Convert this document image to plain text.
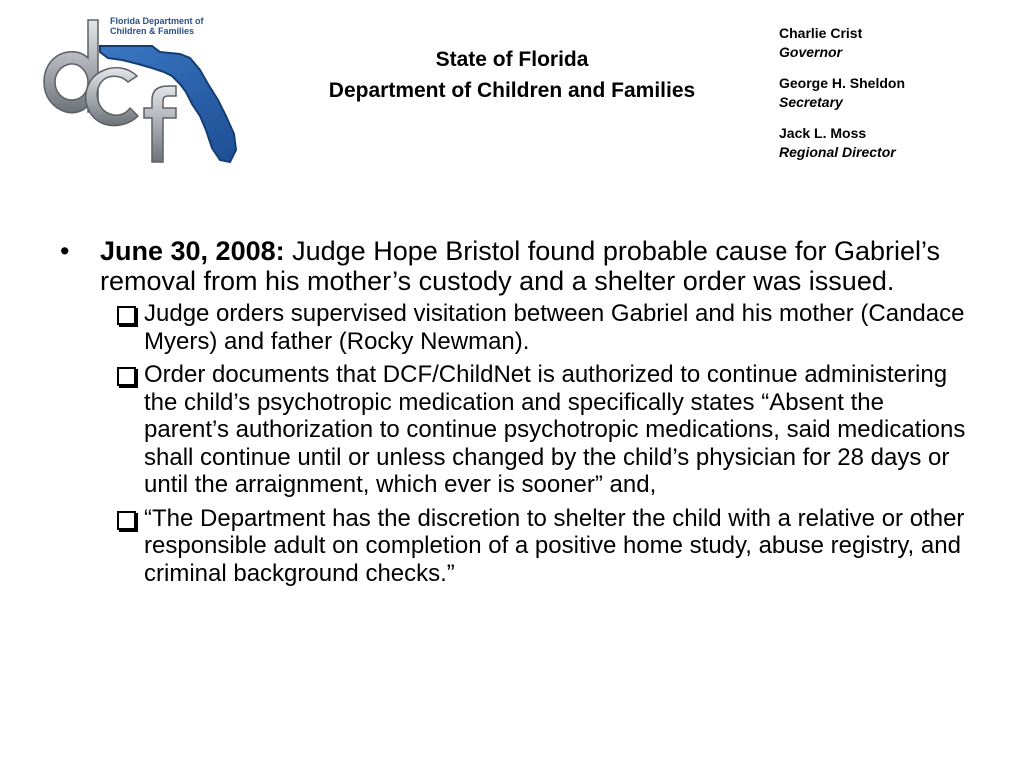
Florida Department of
Children & Families
State of Florida
Department of Children and Families
Charlie Crist
Governor
George H. Sheldon
Secretary
Jack L. Moss
Regional Director
•	June 30, 2008: Judge Hope Bristol found probable cause for Gabriel’s removal from his mother’s custody and a shelter order was issued.
Judge orders supervised visitation between Gabriel and his mother (Candace Myers) and father (Rocky Newman).
Order documents that DCF/ChildNet is authorized to continue administering the child’s psychotropic medication and specifically states “Absent the parent’s authorization to continue psychotropic medications, said medications shall continue until or unless changed by the child’s physician for 28 days or until the arraignment, which ever is sooner” and,
“The Department has the discretion to shelter the child with a relative or other responsible adult on completion of a positive home study, abuse registry, and criminal background checks.”
